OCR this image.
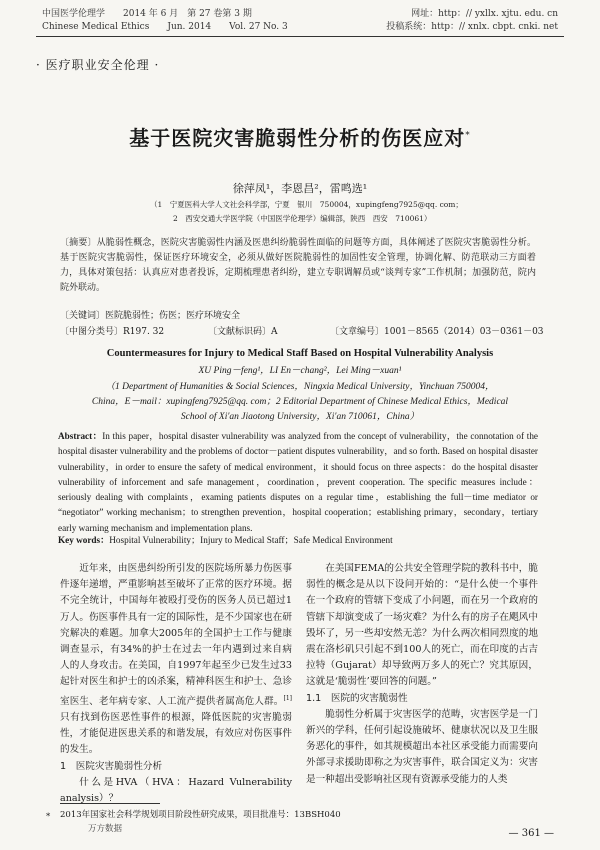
中国医学伦理学　　2014 年 6 月　第 27 卷第 3 期
Chinese Medical Ethics　　Jun. 2014　　Vol. 27 No. 3
网址：http：// yxllx. xjtu. edu. cn
投稿系统：http：// xnlx. cbpt. cnki. net
· 医疗职业安全伦理 ·
基于医院灾害脆弱性分析的伤医应对*
徐萍凤¹，李恩昌²，雷鸣选¹
（1　宁夏医科大学人文社会科学部，宁夏　银川　750004，xupingfeng7925@qq. com；
2　西安交通大学医学院（中国医学伦理学）编辑部，陕西　西安　710061）
〔摘要〕从脆弱性概念，医院灾害脆弱性内涵及医患纠纷脆弱性面临的问题等方面，具体阐述了医院灾害脆弱性分析。基于医院灾害脆弱性，保证医疗环境安全，必须从做好医院脆弱性的加固性安全管理，协调化解、防范联动三方面着力，具体对策包括：认真应对患者投诉，定期梳理患者纠纷，建立专职调解员或“谈判专家”工作机制；加强防范，院内院外联动。
〔关键词〕医院脆弱性；伤医；医疗环境安全
〔中图分类号〕R197. 32	〔文献标识码〕A	〔文章编号〕1001－8565（2014）03－0361－03
Countermeasures for Injury to Medical Staff Based on Hospital Vulnerability Analysis
XU Ping－feng¹，LI En－chang²，Lei Ming－xuan¹
（1 Department of Humanities & Social Sciences，Ningxia Medical University，Yinchuan 750004，
China，E－mail：xupingfeng7925@qq. com；2 Editorial Department of Chinese Medical Ethics，Medical
School of Xi′an Jiaotong University，Xi′an 710061，China）
Abstract：In this paper，hospital disaster vulnerability was analyzed from the concept of vulnerability，the connotation of the hospital disaster vulnerability and the problems of doctor－patient disputes vulnerability，and so forth. Based on hospital disaster vulnerability，in order to ensure the safety of medical environment，it should focus on three aspects：do the hospital disaster vulnerability of inforcement and safe management，coordination，prevent cooperation. The specific measures include：seriously dealing with complaints，examing patients disputes on a regular time，establishing the full－time mediator or “negotiator” working mechanism；to strengthen prevention，hospital cooperation；establishing primary，secondary，tertiary early warning mechanism and implementation plans.
Key words：Hospital Vulnerability；Injury to Medical Staff；Safe Medical Environment

近年来，由医患纠纷所引发的医院场所暴力伤医事件逐年递增，严重影响甚至破坏了正常的医疗环境。据不完全统计，中国每年被殴打受伤的医务人员已超过1万人。伤医事件具有一定的国际性，是不少国家也在研究解决的难题。加拿大2005年的全国护士工作与健康调查显示，有34%的护士在过去一年内遇到过来自病人的人身攻击。在美国，自1997年起至少已发生过33起针对医生和护士的凶杀案，精神科医生和护士、急诊室医生、老年病专家、人工流产提供者属高危人群。[1]只有找到伤医恶性事件的根源，降低医院的灾害脆弱性，才能促进医患关系的和谐发展，有效应对伤医事件的发生。

1　医院灾害脆弱性分析

什么是HVA（HVA：Hazard Vulnerability analysis）？

在美国FEMA的公共安全管理学院的教科书中，脆弱性的概念是从以下设问开始的：“是什么使一个事件在一个政府的管辖下变成了小问题，而在另一个政府的管辖下却演变成了一场灾难？为什么有的房子在飓风中毁坏了，另一些却安然无恙？为什么两次相同烈度的地震在洛杉矶只引起不到100人的死亡，而在印度的古吉拉特（Gujarat）却导致两万多人的死亡？究其原因，这就是‘脆弱性’要回答的问题。”

1.1　医院的灾害脆弱性

脆弱性分析属于灾害医学的范畴，灾害医学是一门新兴的学科，任何引起设施破坏、健康状况以及卫生服务恶化的事件，如其规模超出本社区承受能力而需要向外部寻求援助即称之为灾害事件，联合国定义为：灾害是一种超出受影响社区现有资源承受能力的人类

* 2013年国家社会科学规划项目阶段性研究成果，项目批准号：13BSH040
万方数据	— 361 —
